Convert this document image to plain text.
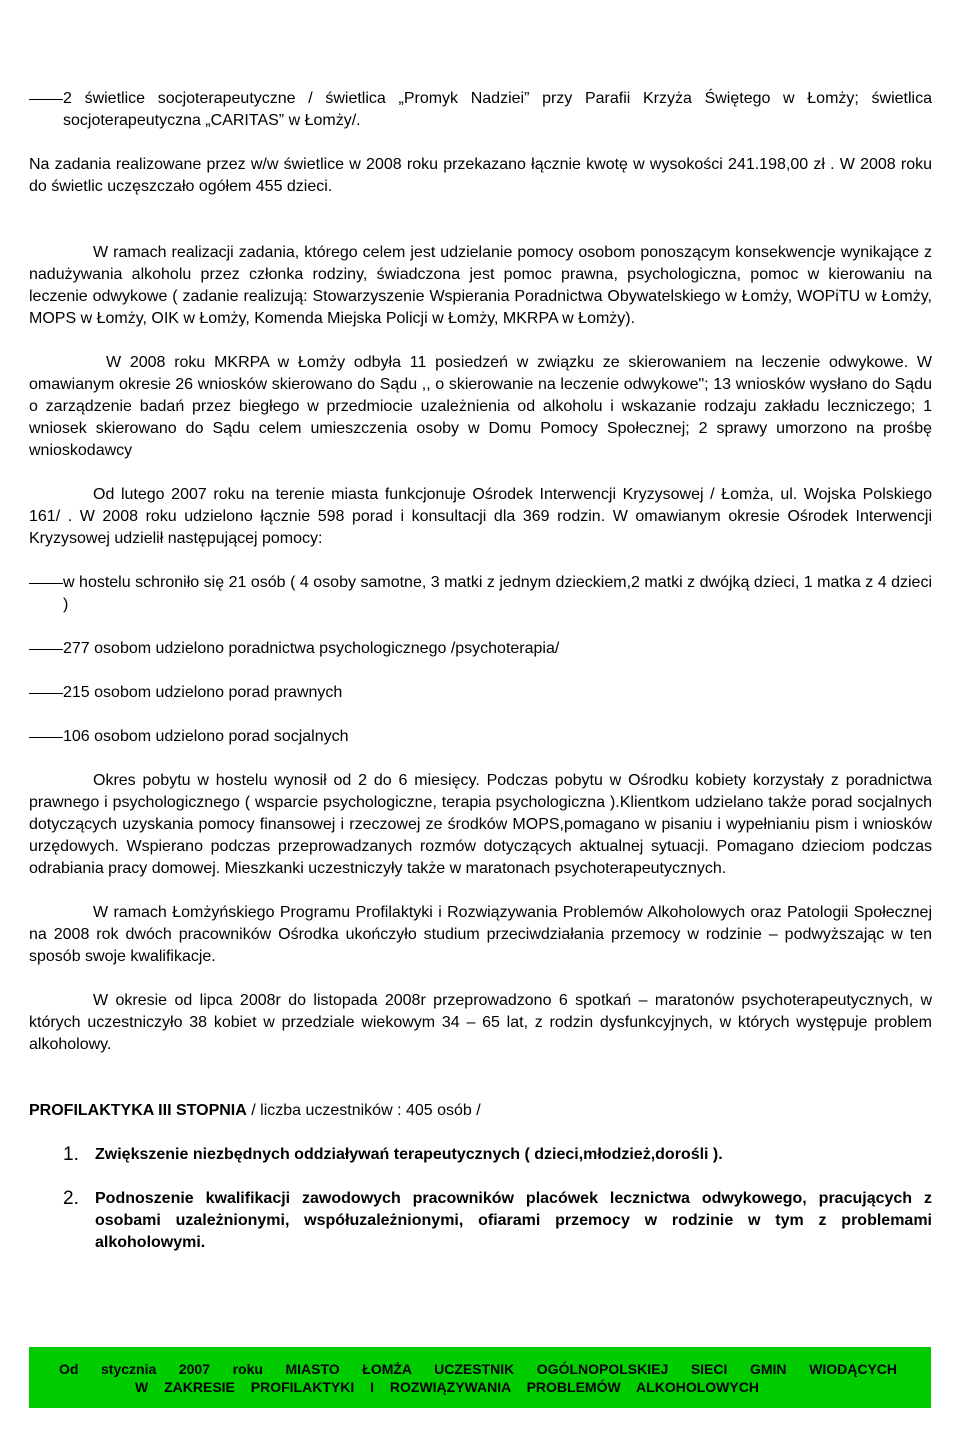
2 świetlice socjoterapeutyczne / świetlica „Promyk Nadziei” przy Parafii Krzyża Świętego w Łomży; świetlica socjoterapeutyczna „CARITAS” w Łomży/.

Na zadania realizowane przez w/w świetlice w 2008 roku przekazano łącznie kwotę w wysokości 241.198,00 zł . W 2008 roku do świetlic uczęszczało ogółem 455 dzieci.

W ramach realizacji zadania, którego celem jest udzielanie pomocy osobom ponoszącym konsekwencje wynikające z nadużywania alkoholu przez członka rodziny, świadczona jest pomoc prawna, psychologiczna, pomoc w kierowaniu na leczenie odwykowe ( zadanie realizują: Stowarzyszenie Wspierania Poradnictwa Obywatelskiego w Łomży, WOPiTU w Łomży, MOPS w Łomży, OIK w Łomży, Komenda Miejska Policji w Łomży, MKRPA w Łomży).

W 2008 roku MKRPA w Łomży odbyła 11 posiedzeń w związku ze skierowaniem na leczenie odwykowe. W omawianym okresie 26 wniosków skierowano do Sądu ,, o skierowanie na leczenie odwykowe"; 13 wniosków wysłano do Sądu o zarządzenie badań przez biegłego w przedmiocie uzależnienia od alkoholu i wskazanie rodzaju zakładu leczniczego; 1 wniosek skierowano do Sądu celem umieszczenia osoby w Domu Pomocy Społecznej; 2 sprawy umorzono na prośbę wnioskodawcy

Od lutego 2007 roku na terenie miasta funkcjonuje Ośrodek Interwencji Kryzysowej / Łomża, ul. Wojska Polskiego 161/ . W 2008 roku udzielono łącznie 598 porad i konsultacji dla 369 rodzin. W omawianym okresie Ośrodek Interwencji Kryzysowej udzielił następującej pomocy:

w hostelu schroniło się 21 osób ( 4 osoby samotne, 3 matki z jednym dzieckiem,2 matki z dwójką dzieci, 1 matka z 4 dzieci )
277 osobom udzielono poradnictwa psychologicznego /psychoterapia/
215 osobom udzielono porad prawnych
106 osobom udzielono porad socjalnych

Okres pobytu w hostelu wynosił od 2 do 6 miesięcy. Podczas pobytu w Ośrodku kobiety korzystały z poradnictwa prawnego i psychologicznego ( wsparcie psychologiczne, terapia psychologiczna ).Klientkom udzielano także porad socjalnych dotyczących uzyskania pomocy finansowej i rzeczowej ze środków MOPS,pomagano w pisaniu i wypełnianiu pism i wniosków urzędowych. Wspierano podczas przeprowadzanych rozmów dotyczących aktualnej sytuacji. Pomagano dzieciom podczas odrabiania pracy domowej. Mieszkanki uczestniczyły także w maratonach psychoterapeutycznych.

W ramach Łomżyńskiego Programu Profilaktyki i Rozwiązywania Problemów Alkoholowych oraz Patologii Społecznej na 2008 rok dwóch pracowników Ośrodka ukończyło studium przeciwdziałania przemocy w rodzinie – podwyższając w ten sposób swoje kwalifikacje.

W okresie od lipca 2008r do listopada 2008r przeprowadzono 6 spotkań – maratonów psychoterapeutycznych, w których uczestniczyło 38 kobiet w przedziale wiekowym 34 – 65 lat, z rodzin dysfunkcyjnych, w których występuje problem alkoholowy.

PROFILAKTYKA III STOPNIA / liczba uczestników : 405 osób /
1.	Zwiększenie niezbędnych oddziaływań terapeutycznych ( dzieci,młodzież,dorośli ).
2.	Podnoszenie kwalifikacji zawodowych pracowników placówek lecznictwa odwykowego, pracujących z osobami uzależnionymi, współuzależnionymi, ofiarami przemocy w rodzinie w tym z problemami alkoholowymi.
Od stycznia 2007 roku MIASTO ŁOMŻA UCZESTNIK OGÓLNOPOLSKIEJ SIECI GMIN WIODĄCYCH
W ZAKRESIE PROFILAKTYKI I ROZWIĄZYWANIA PROBLEMÓW ALKOHOLOWYCH
